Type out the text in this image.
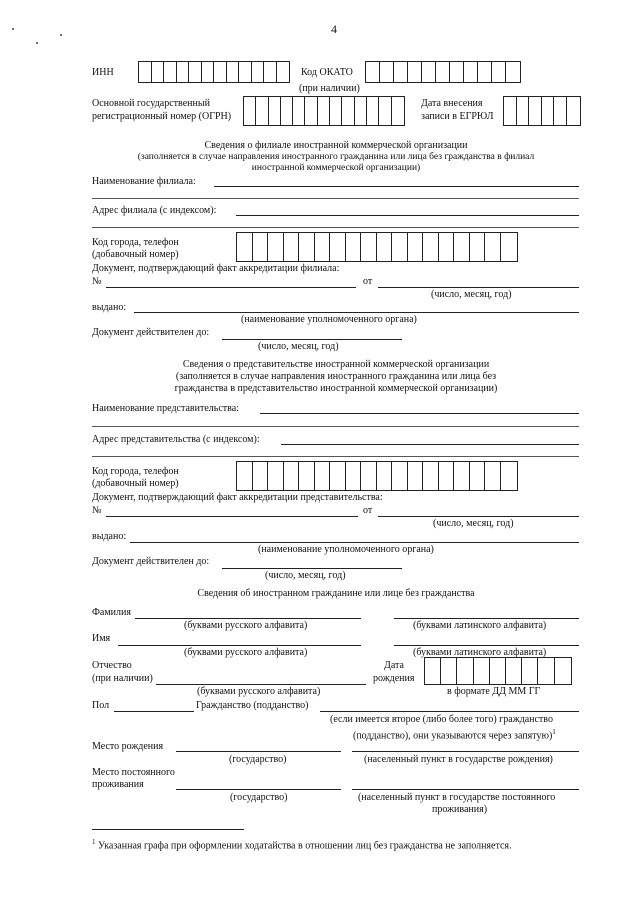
4
ИНН	Код ОКАТО
(при наличии)
Основной государственный
регистрационный номер (ОГРН)
Дата внесения
записи в ЕГРЮЛ
Сведения о филиале иностранной коммерческой организации
(заполняется в случае направления иностранного гражданина или лица без гражданства в филиал
иностранной коммерческой организации)
Наименование филиала:
Адрес филиала (с индексом):
Код города, телефон
(добавочный номер)
Документ, подтверждающий факт аккредитации филиала:
№	от
(число, месяц, год)
выдано:
(наименование уполномоченного органа)
Документ действителен до:
(число, месяц, год)
Сведения о представительстве иностранной коммерческой организации
(заполняется в случае направления иностранного гражданина или лица без
гражданства в представительство иностранной коммерческой организации)
Наименование представительства:
Адрес представительства (с индексом):
Код города, телефон
(добавочный номер)
Документ, подтверждающий факт аккредитации представительства:
№	от
(число, месяц, год)
выдано:
(наименование уполномоченного органа)
Документ действителен до:
(число, месяц, год)
Сведения об иностранном гражданине или лице без гражданства
Фамилия
(буквами русского алфавита)	(буквами латинского алфавита)
Имя
(буквами русского алфавита)	(буквами латинского алфавита)
Отчество
(при наличии)
(буквами русского алфавита)
Дата
рождения
в формате ДД ММ ГГ
Пол	Гражданство (подданство)
(если имеется второе (либо более того) гражданство
(подданство), они указываются через запятую)$^1$
Место рождения
(государство)	(населенный пункт в государстве рождения)
Место постоянного
проживания
(государство)	(населенный пункт в государстве постоянного
проживания)
$^1$ Указанная графа при оформлении ходатайства в отношении лиц без гражданства не заполняется.
